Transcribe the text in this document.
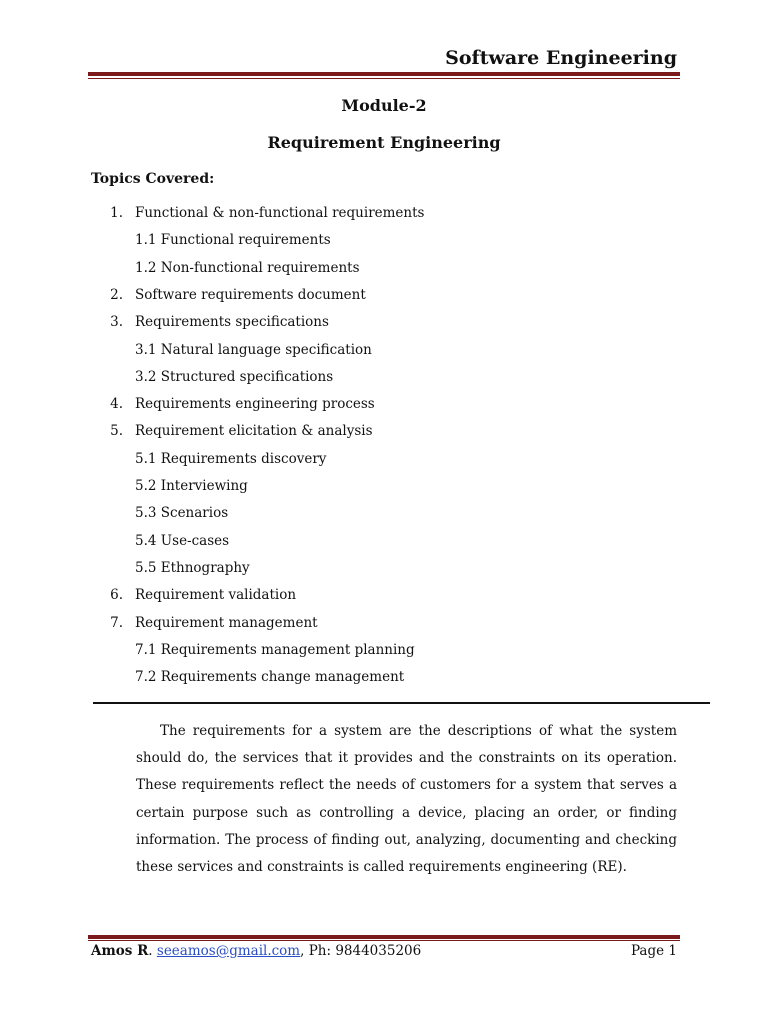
Software Engineering
Module-2
Requirement Engineering
Topics Covered:
1. Functional & non-functional requirements
1.1 Functional requirements
1.2 Non-functional requirements
2. Software requirements document
3. Requirements specifications
3.1 Natural language specification
3.2 Structured specifications
4. Requirements engineering process
5. Requirement elicitation & analysis
5.1 Requirements discovery
5.2 Interviewing
5.3 Scenarios
5.4 Use-cases
5.5 Ethnography
6. Requirement validation
7. Requirement management
7.1 Requirements management planning
7.2 Requirements change management
The requirements for a system are the descriptions of what the system should do, the services that it provides and the constraints on its operation. These requirements reflect the needs of customers for a system that serves a certain purpose such as controlling a device, placing an order, or finding information. The process of finding out, analyzing, documenting and checking these services and constraints is called requirements engineering (RE).
Amos R. seeamos@gmail.com, Ph: 9844035206	Page 1
